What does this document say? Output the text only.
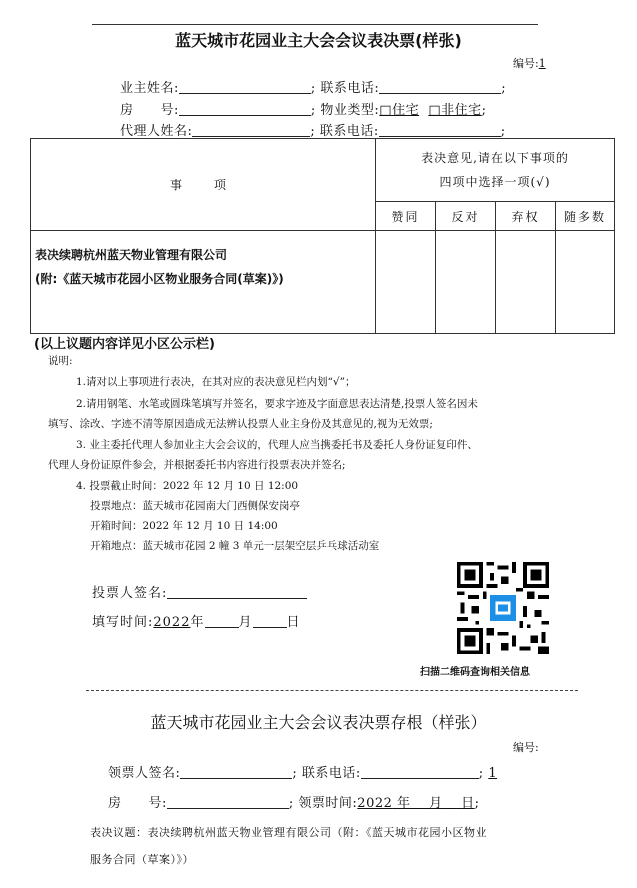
蓝天城市花园业主大会会议表决票(样张)
编号:1
业主姓名:	; 联系电话:	;
房　　号:	; 物业类型:□住宅 □非住宅;
代理人姓名:	; 联系电话:	;
事　项	表决意见,请在以下事项的
四项中选择一项(√)			

	赞同	反对	弃权	随多数

表决续聘杭州蓝天物业管理有限公司
(附:《蓝天城市花园小区物业服务合同(草案)》)				

(以上议题内容详见小区公示栏)
说明:
1.请对以上事项进行表决，在其对应的表决意见栏内划“√”；
2.请用钢笔、水笔或圆珠笔填写并签名，要求字迹及字面意思表达清楚,投票人签名因未
填写、涂改、字迹不清等原因造成无法辨认投票人业主身份及其意见的,视为无效票;
3. 业主委托代理人参加业主大会会议的，代理人应当携委托书及委托人身份证复印件、
代理人身份证原件参会，并根据委托书内容进行投票表决并签名;
4. 投票截止时间：2022 年 12 月 10 日 12:00
投票地点：蓝天城市花园南大门西侧保安岗亭
开箱时间：2022 年 12 月 10 日 14:00
开箱地点：蓝天城市花园 2 幢 3 单元一层架空层乒乓球活动室
投票人签名:
填写时间:2022年	月	日
扫描二维码查询相关信息
蓝天城市花园业主大会会议表决票存根（样张）
编号:
领票人签名:	; 联系电话:	; 1
房　　号:	; 领票时间:2022 年 月 日;
表决议题：表决续聘杭州蓝天物业管理有限公司（附：《蓝天城市花园小区物业
服务合同（草案）》）
